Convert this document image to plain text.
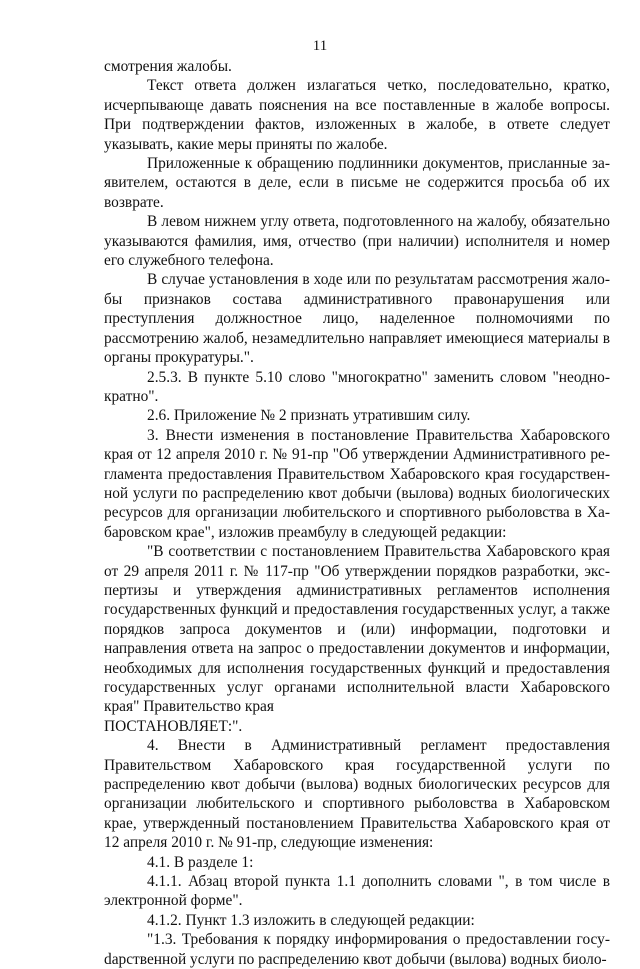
11

смотрения жалобы.

Текст ответа должен излагаться четко, последовательно, кратко, исчерпывающе давать пояснения на все поставленные в жалобе вопросы. При подтверждении фактов, изложенных в жалобе, в ответе следует указывать, какие меры приняты по жалобе.

Приложенные к обращению подлинники документов, присланные заявителем, остаются в деле, если в письме не содержится просьба об их возврате.

В левом нижнем углу ответа, подготовленного на жалобу, обязательно указываются фамилия, имя, отчество (при наличии) исполнителя и номер его служебного телефона.

В случае установления в ходе или по результатам рассмотрения жалобы признаков состава административного правонарушения или преступления должностное лицо, наделенное полномочиями по рассмотрению жалоб, незамедлительно направляет имеющиеся материалы в органы прокуратуры.".

2.5.3. В пункте 5.10 слово "многократно" заменить словом "неоднократно".

2.6. Приложение № 2 признать утратившим силу.

3. Внести изменения в постановление Правительства Хабаровского края от 12 апреля 2010 г. № 91-пр "Об утверждении Административного регламента предоставления Правительством Хабаровского края государственной услуги по распределению квот добычи (вылова) водных биологических ресурсов для организации любительского и спортивного рыболовства в Хабаровском крае", изложив преамбулу в следующей редакции:

"В соответствии с постановлением Правительства Хабаровского края от 29 апреля 2011 г. № 117-пр "Об утверждении порядков разработки, экспертизы и утверждения административных регламентов исполнения государственных функций и предоставления государственных услуг, а также порядков запроса документов и (или) информации, подготовки и направления ответа на запрос о предоставлении документов и информации, необходимых для исполнения государственных функций и предоставления государственных услуг органами исполнительной власти Хабаровского края" Правительство края

ПОСТАНОВЛЯЕТ:".

4. Внести в Административный регламент предоставления Правительством Хабаровского края государственной услуги по распределению квот добычи (вылова) водных биологических ресурсов для организации любительского и спортивного рыболовства в Хабаровском крае, утвержденный постановлением Правительства Хабаровского края от 12 апреля 2010 г. № 91-пр, следующие изменения:

4.1. В разделе 1:

4.1.1. Абзац второй пункта 1.1 дополнить словами ", в том числе в электронной форме".

4.1.2. Пункт 1.3 изложить в следующей редакции:

"1.3. Требования к порядку информирования о предоставлении госуdарственной услуги по распределению квот добычи (вылова) водных биоло-
